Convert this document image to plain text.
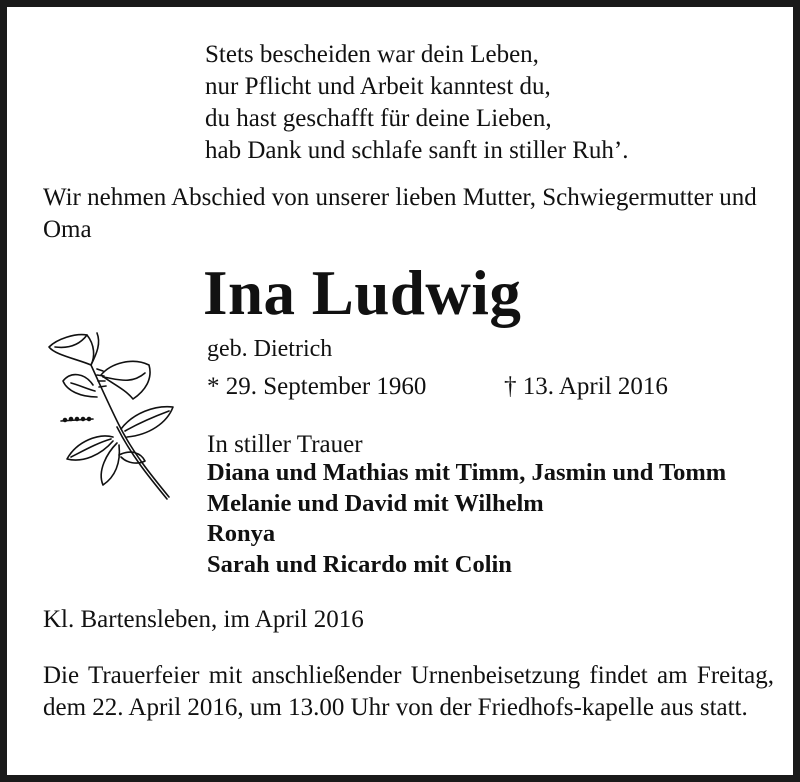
Stets bescheiden war dein Leben,
nur Pflicht und Arbeit kanntest du,
du hast geschafft für deine Lieben,
hab Dank und schlafe sanft in stiller Ruh’.
Wir nehmen Abschied von unserer lieben Mutter, Schwiegermutter und Oma
Ina Ludwig
geb. Dietrich
* 29. September 1960	† 13. April 2016
In stiller Trauer
Diana und Mathias mit Timm, Jasmin und Tomm
Melanie und David mit Wilhelm
Ronya
Sarah und Ricardo mit Colin
Kl. Bartensleben, im April 2016
Die Trauerfeier mit anschließender Urnenbeisetzung findet am Freitag, dem 22. April 2016, um 13.00 Uhr von der Friedhofs-kapelle aus statt.
